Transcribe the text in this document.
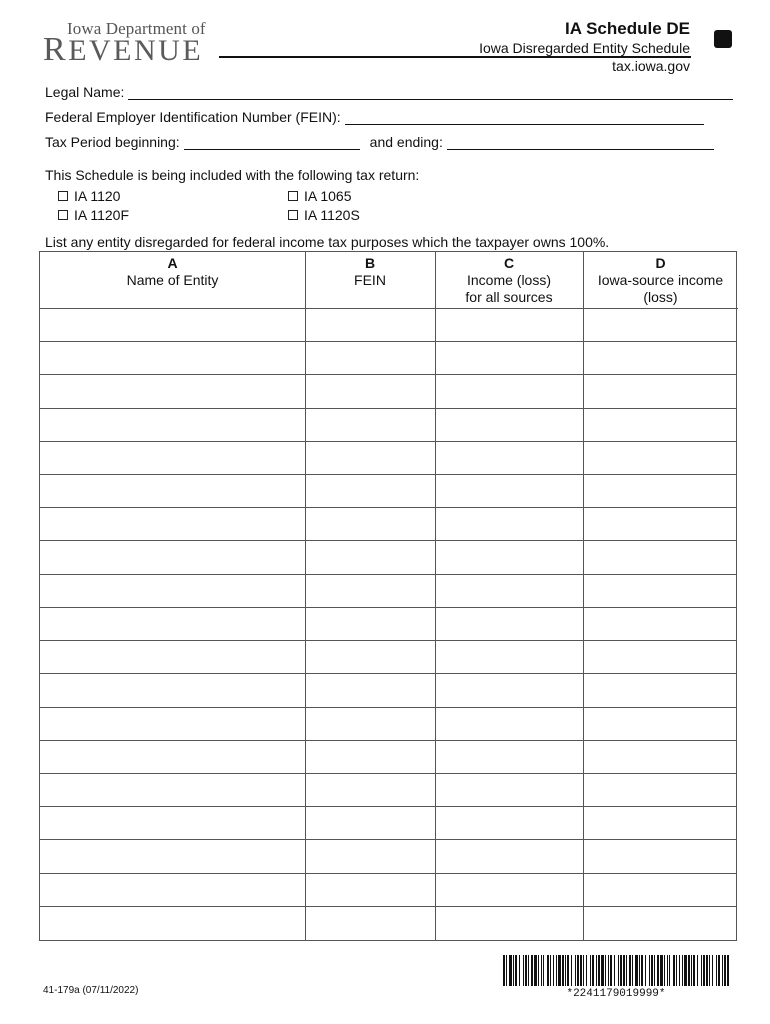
Iowa Department of
REVENUE
IA Schedule DE
Iowa Disregarded Entity Schedule
tax.iowa.gov
Legal Name:
Federal Employer Identification Number (FEIN):
Tax Period beginning:	and ending:
This Schedule is being included with the following tax return:
IA 1120
IA 1120F
IA 1065
IA 1120S
List any entity disregarded for federal income tax purposes which the taxpayer owns 100%.
A
Name of Entity
B
FEIN
C
Income (loss)
for all sources
D
Iowa-source income
(loss)
41-179a (07/11/2022)	*2241179019999*
